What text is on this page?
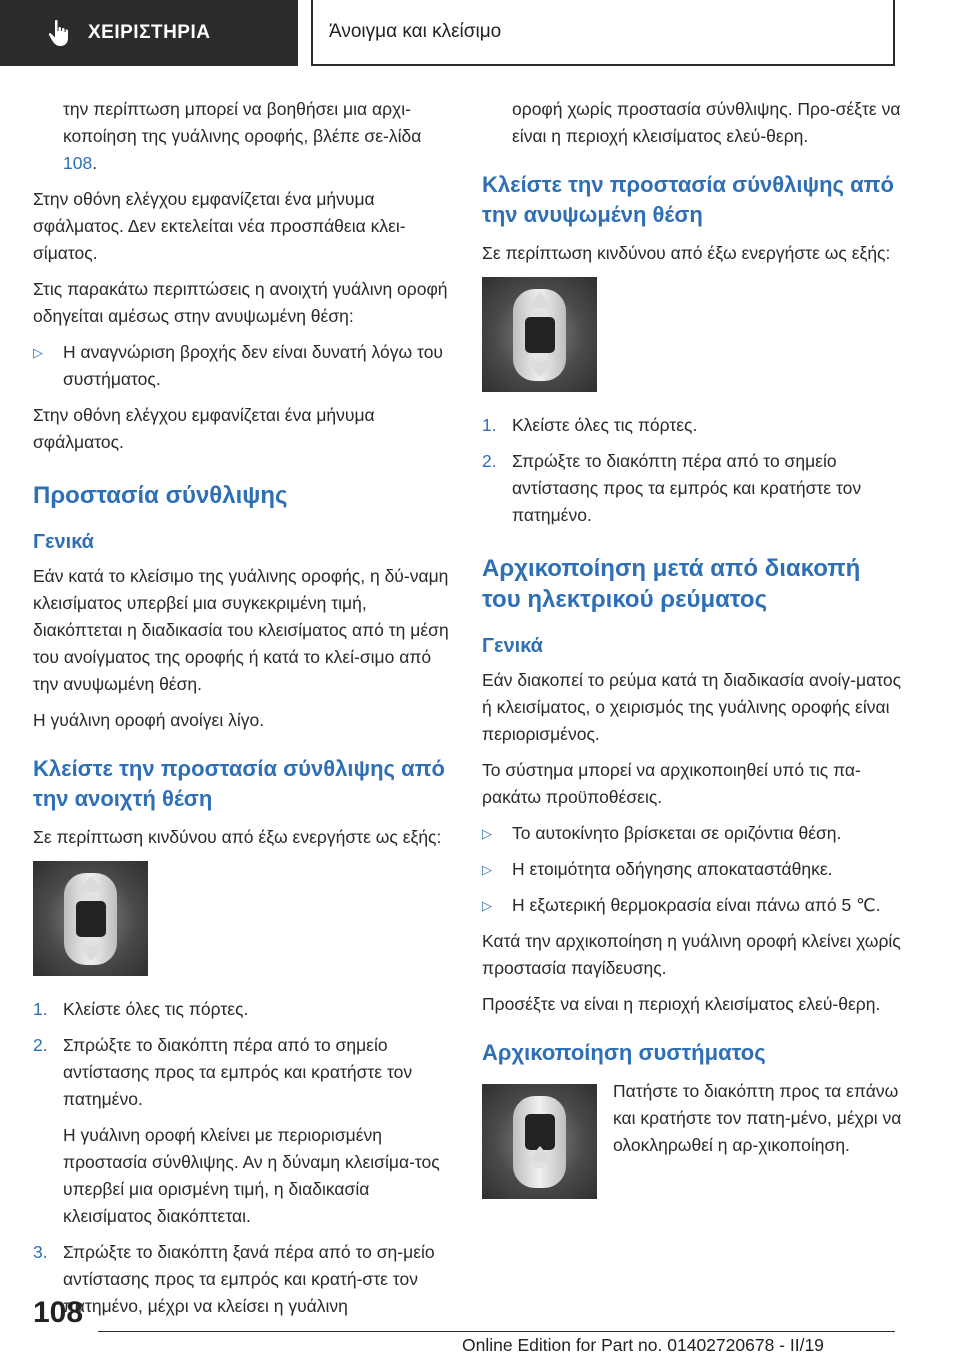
ΧΕΙΡΙΣΤΗΡΙΑ	Άνοιγμα και κλείσιμο

την περίπτωση μπορεί να βοηθήσει μια αρχι‐κοποίηση της γυάλινης οροφής, βλέπε σε‐λίδα 108.

Στην οθόνη ελέγχου εμφανίζεται ένα μήνυμα σφάλματος. Δεν εκτελείται νέα προσπάθεια κλει‐σίματος.

Στις παρακάτω περιπτώσεις η ανοιχτή γυάλινη οροφή οδηγείται αμέσως στην ανυψωμένη θέση:

▷	Η αναγνώριση βροχής δεν είναι δυνατή λόγω του συστήματος.

Στην οθόνη ελέγχου εμφανίζεται ένα μήνυμα σφάλματος.

Προστασία σύνθλιψης
Γενικά

Εάν κατά το κλείσιμο της γυάλινης οροφής, η δύ‐ναμη κλεισίματος υπερβεί μια συγκεκριμένη τιμή, διακόπτεται η διαδικασία του κλεισίματος από τη μέση του ανοίγματος της οροφής ή κατά το κλεί‐σιμο από την ανυψωμένη θέση.

Η γυάλινη οροφή ανοίγει λίγο.

Κλείστε την προστασία σύνθλιψης από την ανοιχτή θέση

Σε περίπτωση κινδύνου από έξω ενεργήστε ως εξής:

1. Κλείστε όλες τις πόρτες.
2. Σπρώξτε το διακόπτη πέρα από το σημείο αντίστασης προς τα εμπρός και κρατήστε τον πατημένο.

Η γυάλινη οροφή κλείνει με περιορισμένη προστασία σύνθλιψης. Αν η δύναμη κλεισίμα‐τος υπερβεί μια ορισμένη τιμή, η διαδικασία κλεισίματος διακόπτεται.

3. Σπρώξτε το διακόπτη ξανά πέρα από το ση‐μείο αντίστασης προς τα εμπρός και κρατή‐στε τον πατημένο, μέχρι να κλείσει η γυάλινη

οροφή χωρίς προστασία σύνθλιψης. Προ‐σέξτε να είναι η περιοχή κλεισίματος ελεύ‐θερη.

Κλείστε την προστασία σύνθλιψης από την ανυψωμένη θέση

Σε περίπτωση κινδύνου από έξω ενεργήστε ως εξής:

1. Κλείστε όλες τις πόρτες.
2. Σπρώξτε το διακόπτη πέρα από το σημείο αντίστασης προς τα εμπρός και κρατήστε τον πατημένο.
Αρχικοποίηση μετά από διακοπή του ηλεκτρικού ρεύματος
Γενικά

Εάν διακοπεί το ρεύμα κατά τη διαδικασία ανοίγ‐ματος ή κλεισίματος, ο χειρισμός της γυάλινης οροφής είναι περιορισμένος.

Το σύστημα μπορεί να αρχικοποιηθεί υπό τις πα‐ρακάτω προϋποθέσεις.

▷	Το αυτοκίνητο βρίσκεται σε οριζόντια θέση.
▷	Η ετοιμότητα οδήγησης αποκαταστάθηκε.
▷	Η εξωτερική θερμοκρασία είναι πάνω από 5 ℃.

Κατά την αρχικοποίηση η γυάλινη οροφή κλείνει χωρίς προστασία παγίδευσης.

Προσέξτε να είναι η περιοχή κλεισίματος ελεύ‐θερη.

Αρχικοποίηση συστήματος

Πατήστε το διακόπτη προς τα επάνω και κρατήστε τον πατη‐μένο, μέχρι να ολοκληρωθεί η αρ‐χικοποίηση.

108
Online Edition for Part no. 01402720678 - II/19
